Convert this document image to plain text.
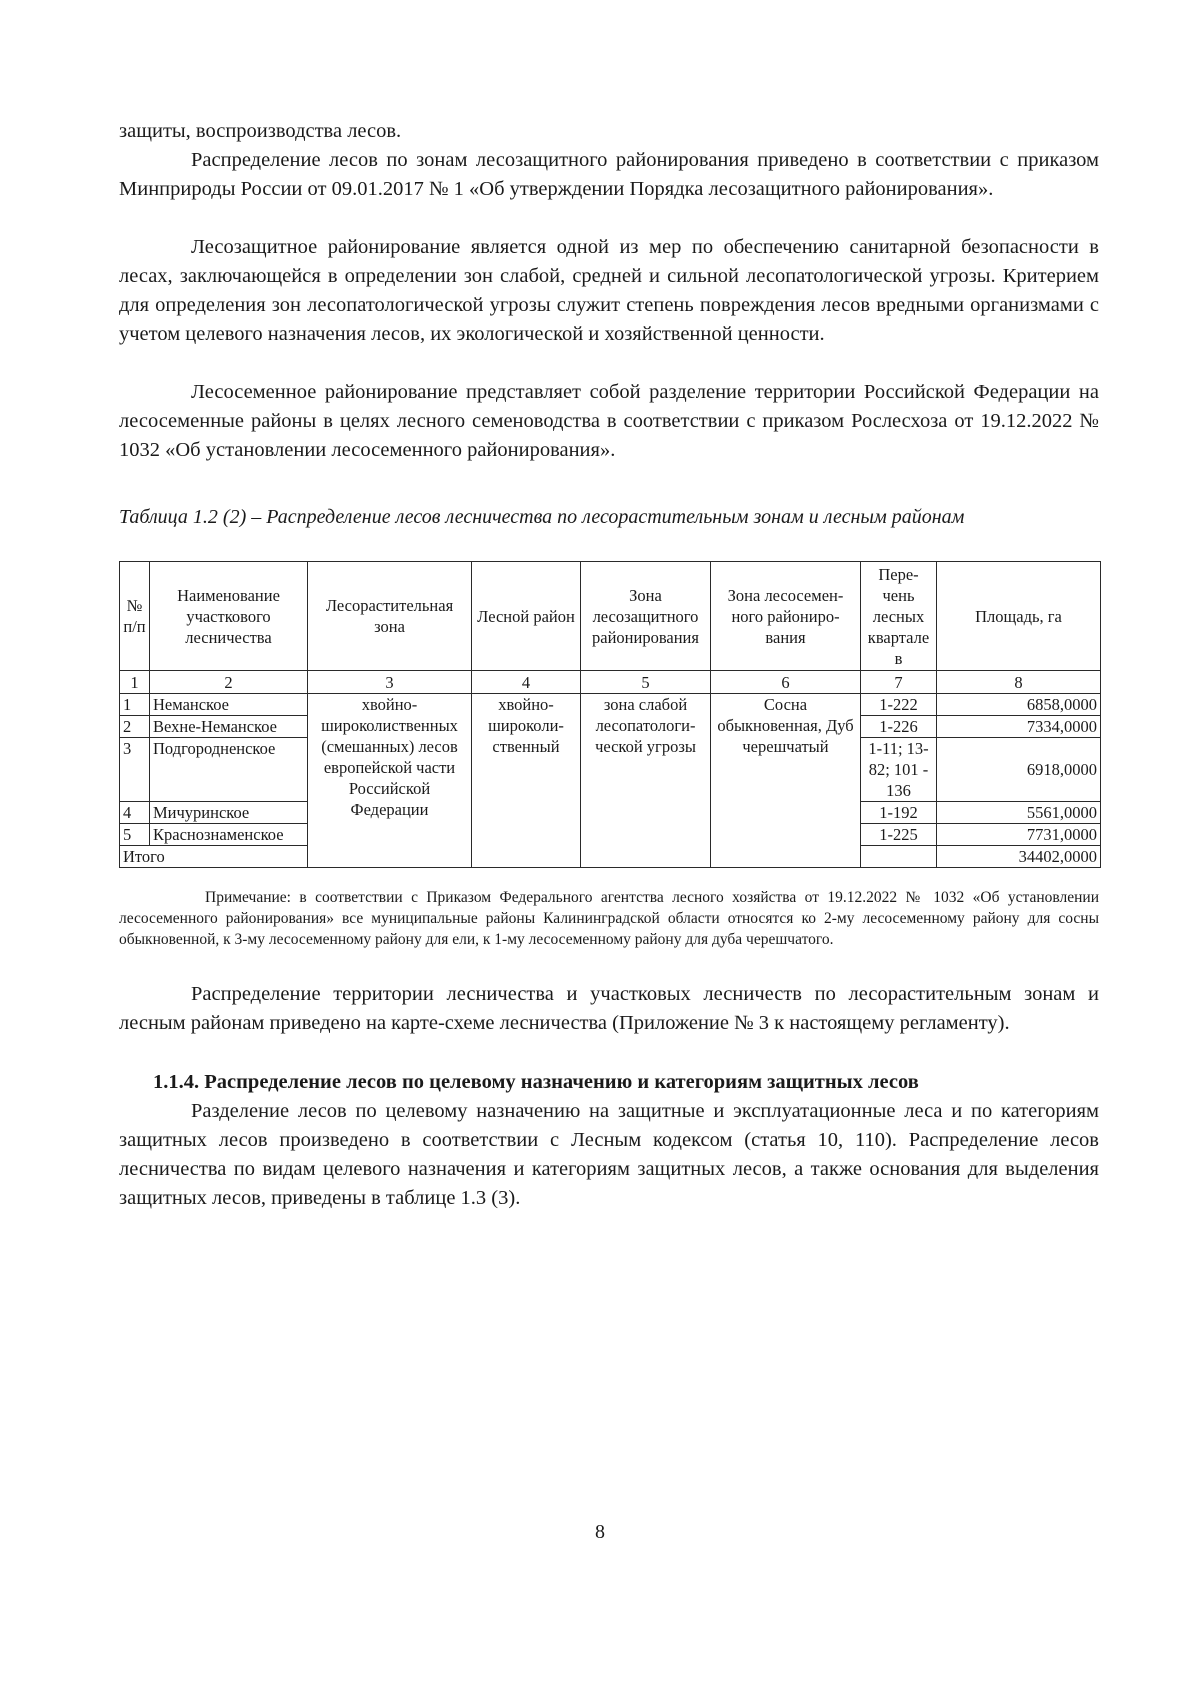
защиты, воспроизводства лесов.

Распределение лесов по зонам лесозащитного районирования приведено в соответствии с приказом Минприроды России от 09.01.2017 № 1 «Об утверждении Порядка лесозащитного районирования».

Лесозащитное районирование является одной из мер по обеспечению санитарной безопасности в лесах, заключающейся в определении зон слабой, средней и сильной лесопатологической угрозы. Критерием для определения зон лесопатологической угрозы служит степень повреждения лесов вредными организмами с учетом целевого назначения лесов, их экологической и хозяйственной ценности.

Лесосеменное районирование представляет собой разделение территории Российской Федерации на лесосеменные районы в целях лесного семеноводства в соответствии с приказом Рослесхоза от 19.12.2022 № 1032 «Об установлении лесосеменного районирования».

Таблица 1.2 (2) – Распределение лесов лесничества по лесорастительным зонам и лесным районам

№ п/п	Наименование участкового лесничества	Лесорастительная зона	Лесной район	Зона лесозащитного районирования	Зона лесосемен-ного райониро-вания	Пере-чень лесных квартале в	Площадь, га
1	2	3	4	5	6	7	8
1	Неманское	хвойно-широколиственных (смешанных) лесов европейской части Российской Федерации	хвойно-широколи-ственный	зона слабой лесопатологи-ческой угрозы	Сосна обыкновенная, Дуб черешчатый	1-222	6858,0000
2	Вехне-Неманское					1-226	7334,0000
3	Подгородненское					1-11; 13-82; 101 - 136	6918,0000
4	Мичуринское					1-192	5561,0000
5	Краснознаменское					1-225	7731,0000
Итого							34402,0000

Примечание: в соответствии с Приказом Федерального агентства лесного хозяйства от 19.12.2022 № 1032 «Об установлении лесосеменного районирования» все муниципальные районы Калининградской области относятся ко 2-му лесосеменному району для сосны обыкновенной, к 3-му лесосеменному району для ели, к 1-му лесосеменному району для дуба черешчатого.

Распределение территории лесничества и участковых лесничеств по лесорастительным зонам и лесным районам приведено на карте-схеме лесничества (Приложение № 3 к настоящему регламенту).

1.1.4. Распределение лесов по целевому назначению и категориям защитных лесов

Разделение лесов по целевому назначению на защитные и эксплуатационные леса и по категориям защитных лесов произведено в соответствии с Лесным кодексом (статья 10, 110). Распределение лесов лесничества по видам целевого назначения и категориям защитных лесов, а также основания для выделения защитных лесов, приведены в таблице 1.3 (3).

8
